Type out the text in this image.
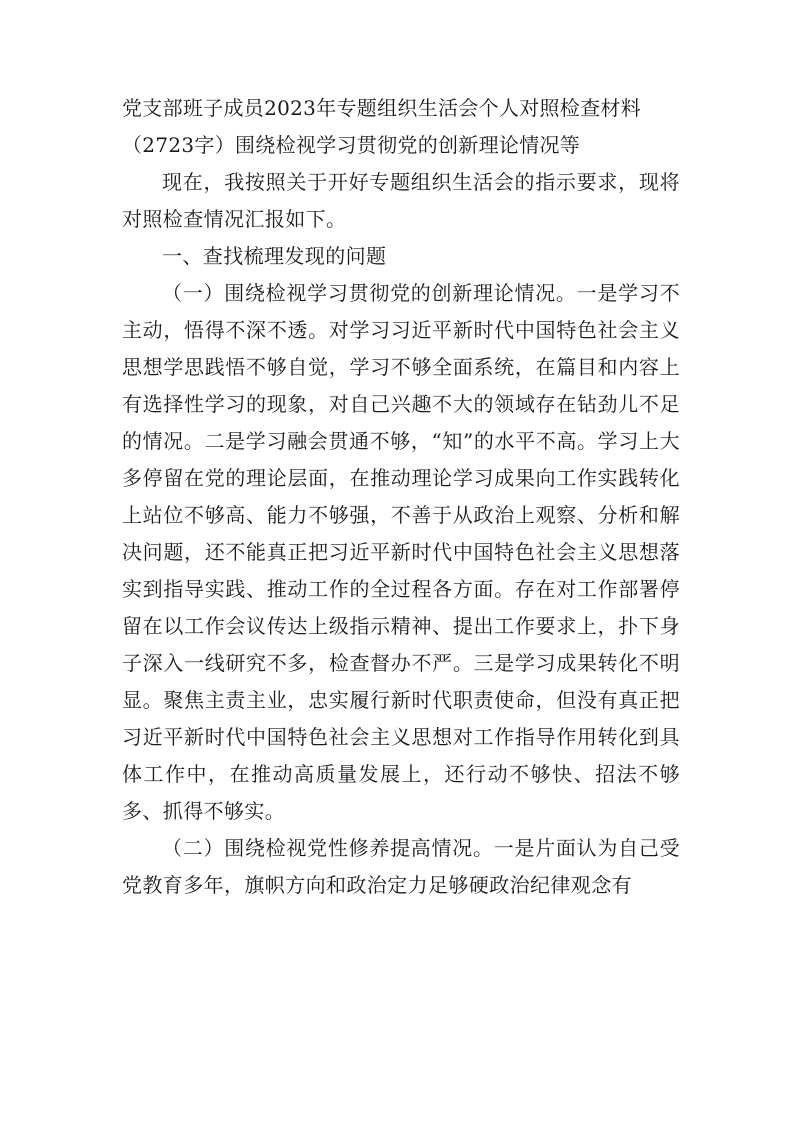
党支部班子成员2023年专题组织生活会个人对照检查材料（2723字）围绕检视学习贯彻党的创新理论情况等

现在，我按照关于开好专题组织生活会的指示要求，现将对照检查情况汇报如下。

一、查找梳理发现的问题

（一）围绕检视学习贯彻党的创新理论情况。一是学习不主动，悟得不深不透。对学习习近平新时代中国特色社会主义思想学思践悟不够自觉，学习不够全面系统，在篇目和内容上有选择性学习的现象，对自己兴趣不大的领域存在钻劲儿不足的情况。二是学习融会贯通不够，“知”的水平不高。学习上大多停留在党的理论层面，在推动理论学习成果向工作实践转化上站位不够高、能力不够强，不善于从政治上观察、分析和解决问题，还不能真正把习近平新时代中国特色社会主义思想落实到指导实践、推动工作的全过程各方面。存在对工作部署停留在以工作会议传达上级指示精神、提出工作要求上，扑下身子深入一线研究不多，检查督办不严。三是学习成果转化不明显。聚焦主责主业，忠实履行新时代职责使命，但没有真正把习近平新时代中国特色社会主义思想对工作指导作用转化到具体工作中，在推动高质量发展上，还行动不够快、招法不够多、抓得不够实。

（二）围绕检视党性修养提高情况。一是片面认为自己受党教育多年，旗帜方向和政治定力足够硬政治纪律观念有
